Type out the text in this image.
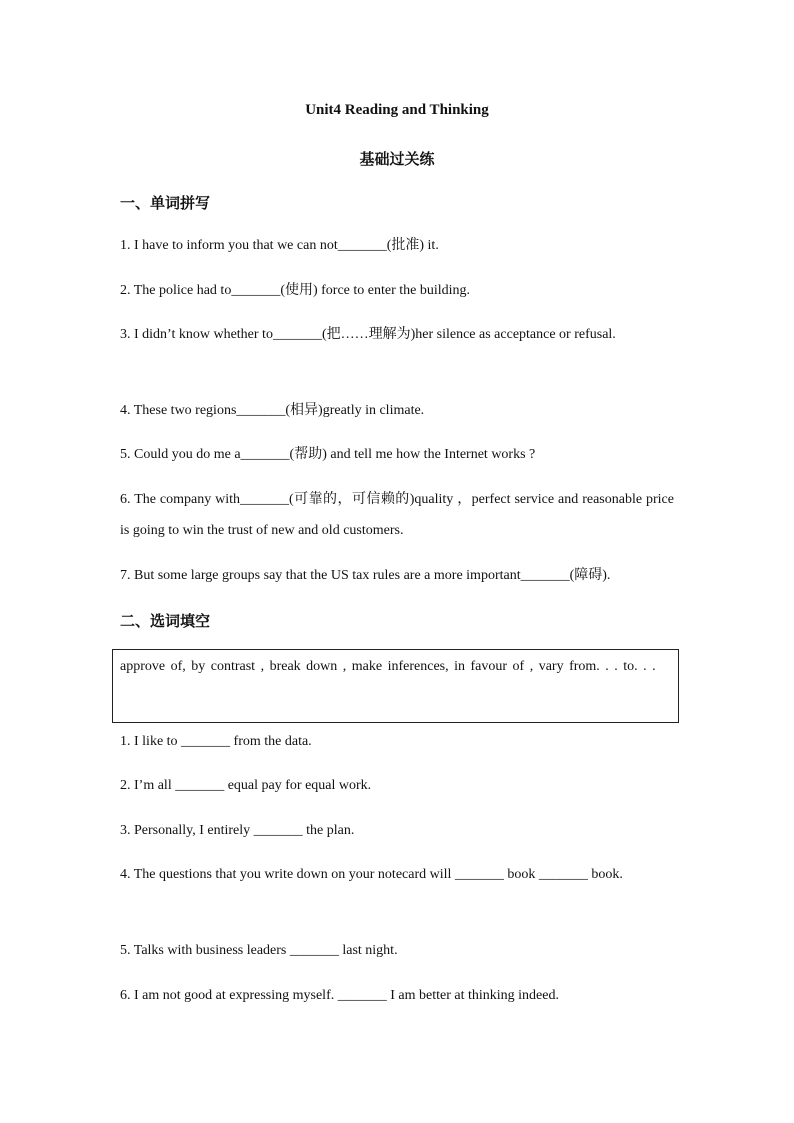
Unit4 Reading and Thinking
基础过关练
一、单词拼写
1. I have to inform you that we can not_______(批准) it.
2. The police had to_______(使用) force to enter the building.
3. I didn’t know whether to_______(把……理解为)her silence as acceptance or refusal.
4. These two regions_______(相异)greatly in climate.
5. Could you do me a_______(帮助) and tell me how the Internet works ?
6. The company with_______(可靠的，可信赖的)quality ，perfect service and reasonable price is going to win the trust of new and old customers.
7. But some large groups say that the US tax rules are a more important_______(障碍).
二、选词填空
approve of, by contrast , break down , make inferences, in favour of , vary from. . . to. . .
1. I like to _______ from the data.
2. I’m all _______ equal pay for equal work.
3. Personally, I entirely _______ the plan.
4. The questions that you write down on your notecard will _______ book _______ book.
5. Talks with business leaders _______ last night.
6. I am not good at expressing myself. _______ I am better at thinking indeed.
